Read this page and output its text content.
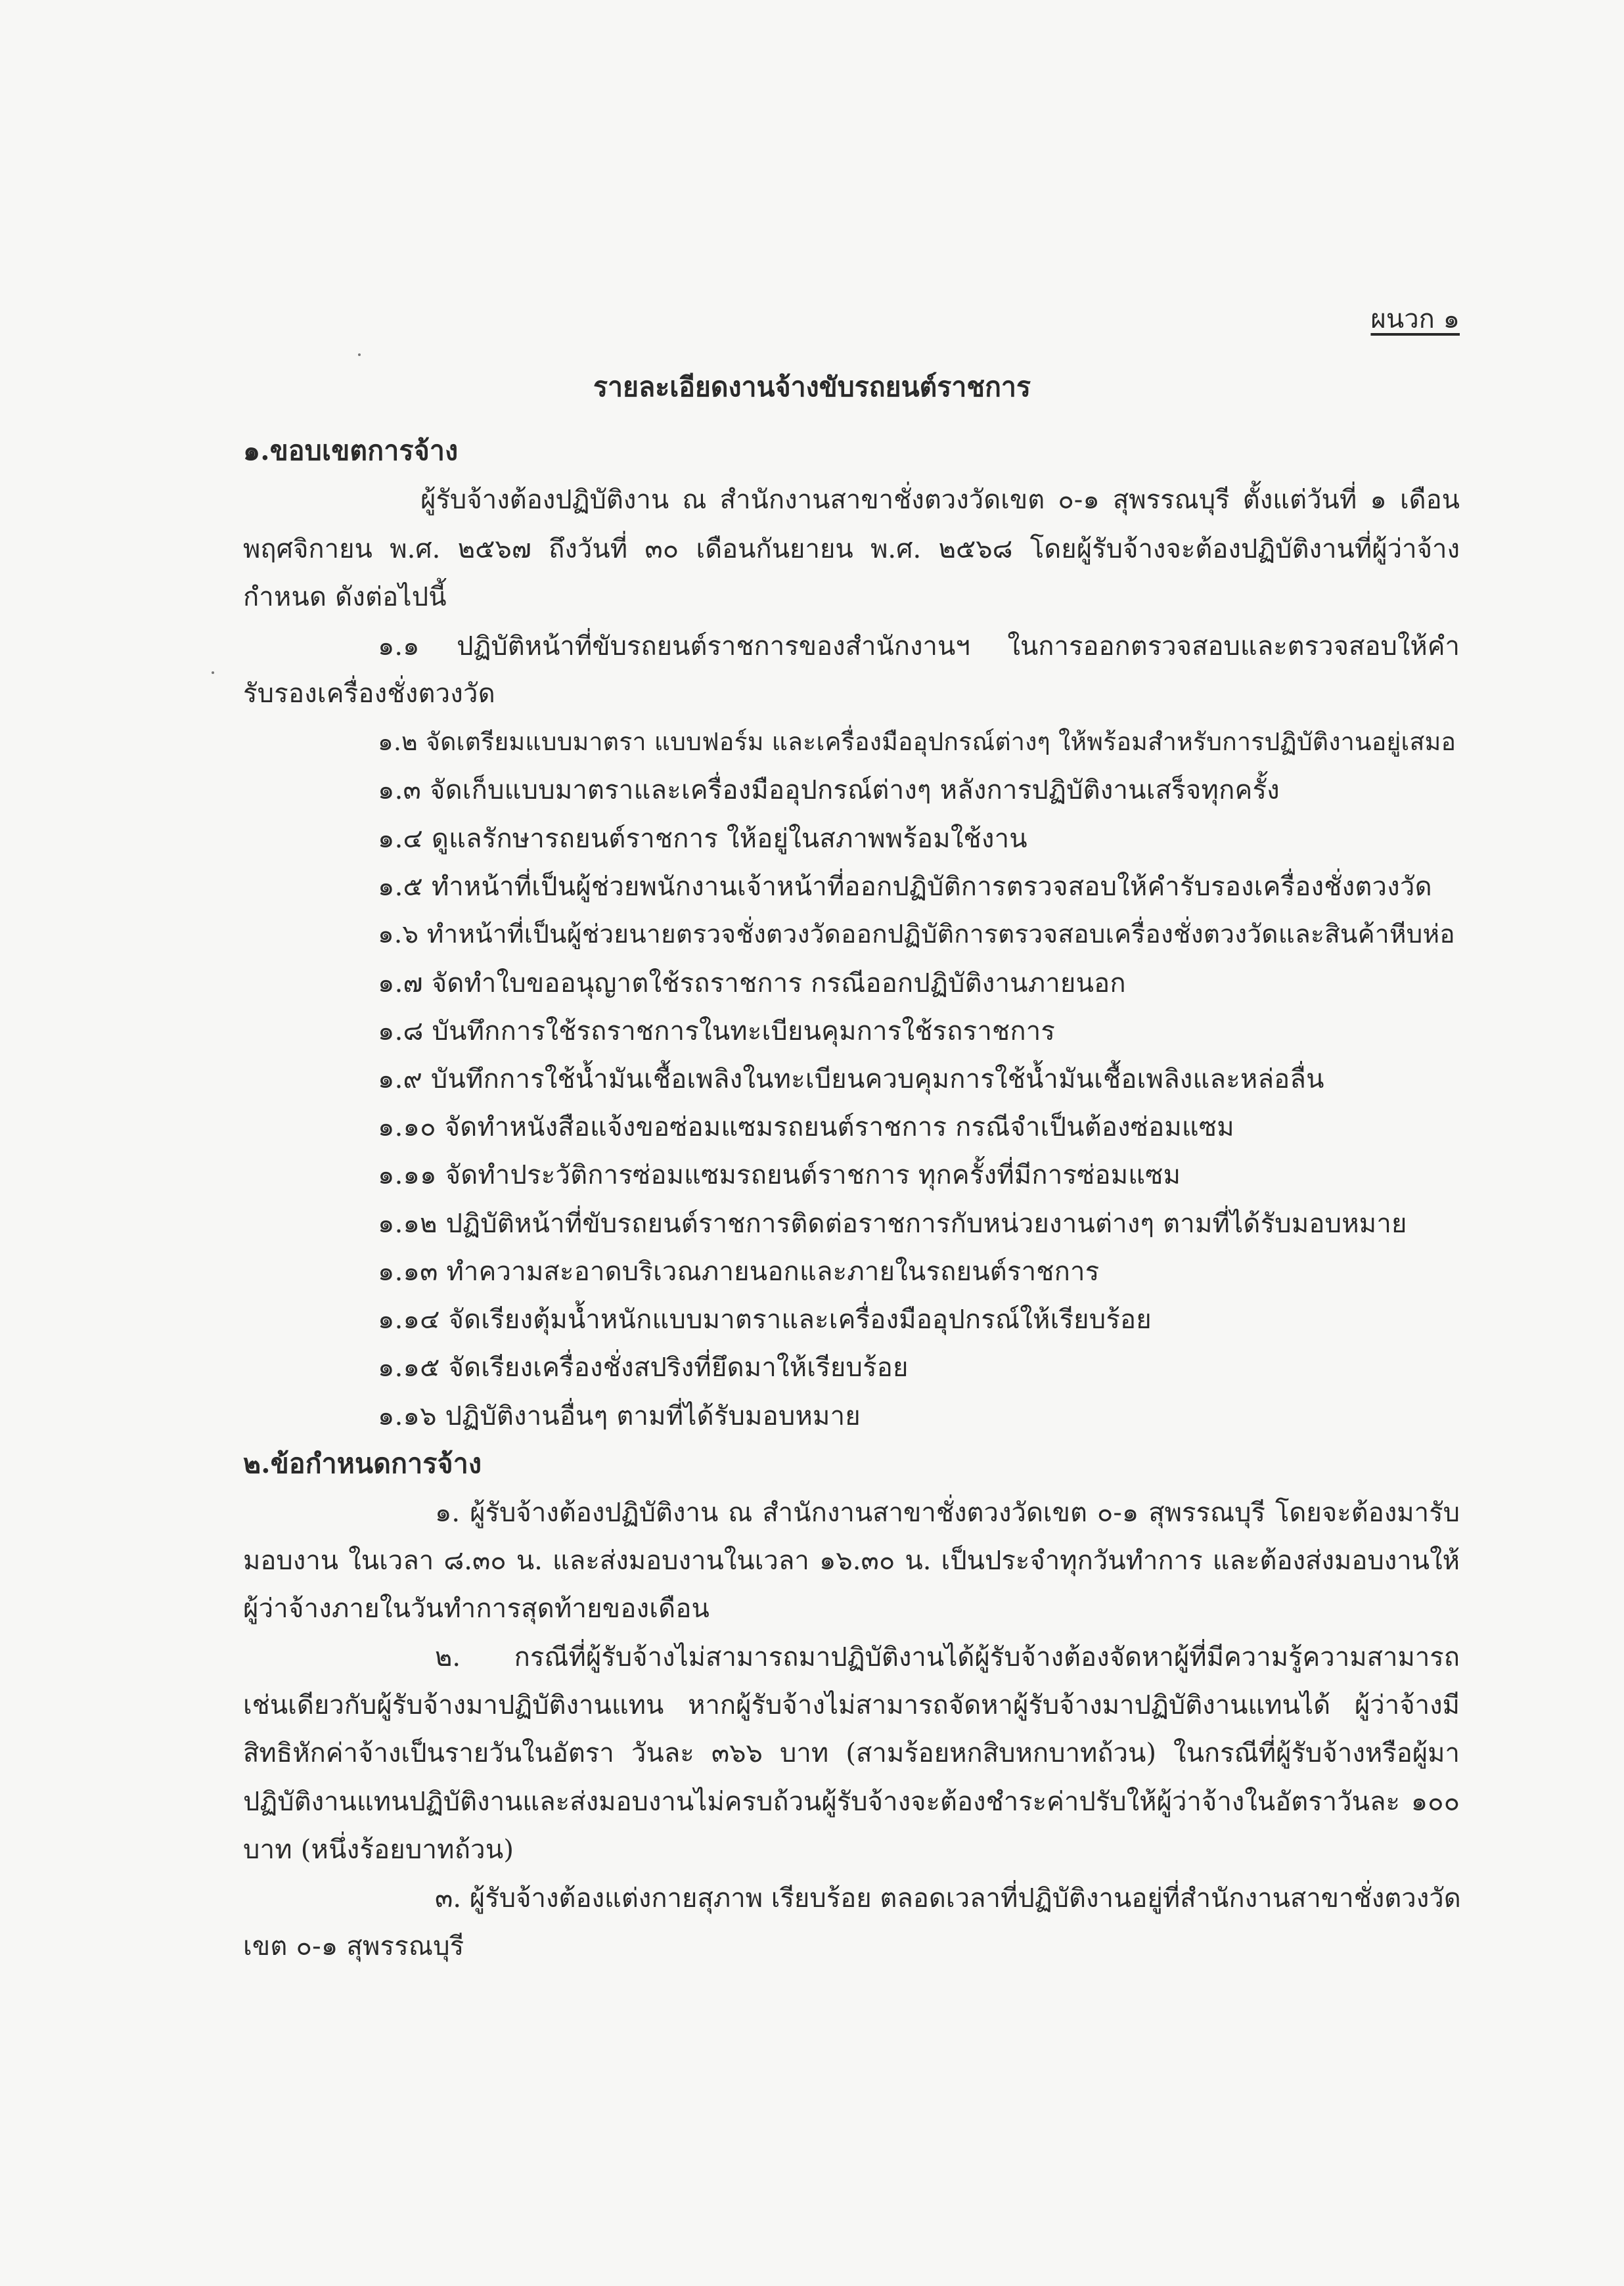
ผนวก ๑
รายละเอียดงานจ้างขับรถยนต์ราชการ
๑.ขอบเขตการจ้าง
ผู้รับจ้างต้องปฏิบัติงาน ณ สำนักงานสาขาชั่งตวงวัดเขต ๐-๑ สุพรรณบุรี ตั้งแต่วันที่ ๑ เดือน
พฤศจิกายน พ.ศ. ๒๕๖๗ ถึงวันที่ ๓๐ เดือนกันยายน พ.ศ. ๒๕๖๘ โดยผู้รับจ้างจะต้องปฏิบัติงานที่ผู้ว่าจ้าง
กำหนด ดังต่อไปนี้
๑.๑ ปฏิบัติหน้าที่ขับรถยนต์ราชการของสำนักงานฯ ในการออกตรวจสอบและตรวจสอบให้คำ
รับรองเครื่องชั่งตวงวัด
๑.๒ จัดเตรียมแบบมาตรา แบบฟอร์ม และเครื่องมืออุปกรณ์ต่างๆ ให้พร้อมสำหรับการปฏิบัติงานอยู่เสมอ
๑.๓ จัดเก็บแบบมาตราและเครื่องมืออุปกรณ์ต่างๆ หลังการปฏิบัติงานเสร็จทุกครั้ง
๑.๔ ดูแลรักษารถยนต์ราชการ ให้อยู่ในสภาพพร้อมใช้งาน
๑.๕ ทำหน้าที่เป็นผู้ช่วยพนักงานเจ้าหน้าที่ออกปฏิบัติการตรวจสอบให้คำรับรองเครื่องชั่งตวงวัด
๑.๖ ทำหน้าที่เป็นผู้ช่วยนายตรวจชั่งตวงวัดออกปฏิบัติการตรวจสอบเครื่องชั่งตวงวัดและสินค้าหีบห่อ
๑.๗ จัดทำใบขออนุญาตใช้รถราชการ กรณีออกปฏิบัติงานภายนอก
๑.๘ บันทึกการใช้รถราชการในทะเบียนคุมการใช้รถราชการ
๑.๙ บันทึกการใช้น้ำมันเชื้อเพลิงในทะเบียนควบคุมการใช้น้ำมันเชื้อเพลิงและหล่อลื่น
๑.๑๐ จัดทำหนังสือแจ้งขอซ่อมแซมรถยนต์ราชการ กรณีจำเป็นต้องซ่อมแซม
๑.๑๑ จัดทำประวัติการซ่อมแซมรถยนต์ราชการ ทุกครั้งที่มีการซ่อมแซม
๑.๑๒ ปฏิบัติหน้าที่ขับรถยนต์ราชการติดต่อราชการกับหน่วยงานต่างๆ ตามที่ได้รับมอบหมาย
๑.๑๓ ทำความสะอาดบริเวณภายนอกและภายในรถยนต์ราชการ
๑.๑๔ จัดเรียงตุ้มน้ำหนักแบบมาตราและเครื่องมืออุปกรณ์ให้เรียบร้อย
๑.๑๕ จัดเรียงเครื่องชั่งสปริงที่ยึดมาให้เรียบร้อย
๑.๑๖ ปฏิบัติงานอื่นๆ ตามที่ได้รับมอบหมาย
๒.ข้อกำหนดการจ้าง
๑. ผู้รับจ้างต้องปฏิบัติงาน ณ สำนักงานสาขาชั่งตวงวัดเขต ๐-๑ สุพรรณบุรี โดยจะต้องมารับ
มอบงาน ในเวลา ๘.๓๐ น. และส่งมอบงานในเวลา ๑๖.๓๐ น. เป็นประจำทุกวันทำการ และต้องส่งมอบงานให้
ผู้ว่าจ้างภายในวันทำการสุดท้ายของเดือน
๒. กรณีที่ผู้รับจ้างไม่สามารถมาปฏิบัติงานได้ผู้รับจ้างต้องจัดหาผู้ที่มีความรู้ความสามารถ
เช่นเดียวกับผู้รับจ้างมาปฏิบัติงานแทน หากผู้รับจ้างไม่สามารถจัดหาผู้รับจ้างมาปฏิบัติงานแทนได้ ผู้ว่าจ้างมี
สิทธิหักค่าจ้างเป็นรายวันในอัตรา วันละ ๓๖๖ บาท (สามร้อยหกสิบหกบาทถ้วน) ในกรณีที่ผู้รับจ้างหรือผู้มา
ปฏิบัติงานแทนปฏิบัติงานและส่งมอบงานไม่ครบถ้วนผู้รับจ้างจะต้องชำระค่าปรับให้ผู้ว่าจ้างในอัตราวันละ ๑๐๐
บาท (หนึ่งร้อยบาทถ้วน)
๓. ผู้รับจ้างต้องแต่งกายสุภาพ เรียบร้อย ตลอดเวลาที่ปฏิบัติงานอยู่ที่สำนักงานสาขาชั่งตวงวัด
เขต ๐-๑ สุพรรณบุรี
